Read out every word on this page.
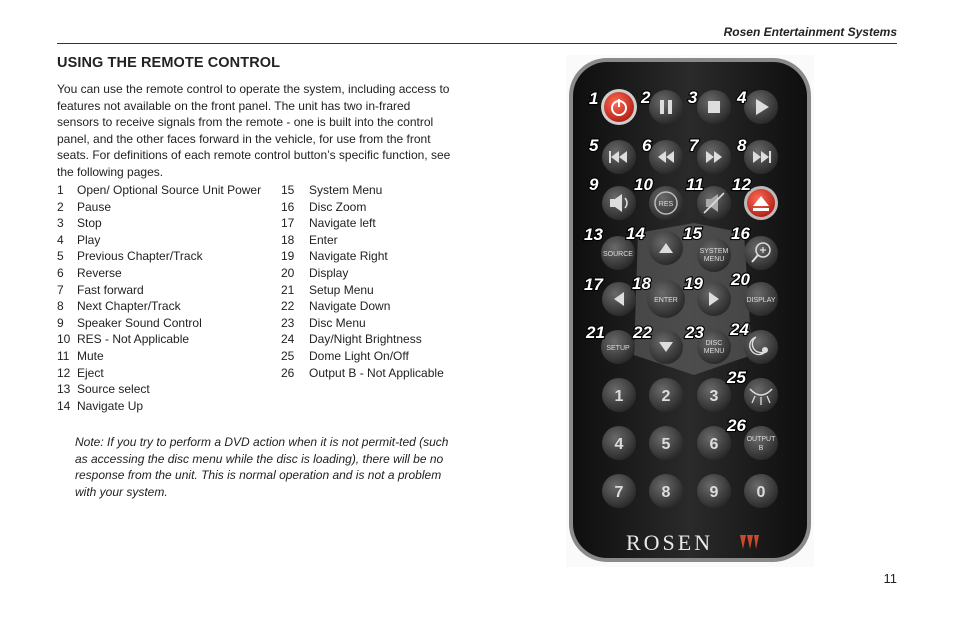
Rosen Entertainment Systems
USING THE REMOTE CONTROL
You can use the remote control to operate the system, including access to features not available on the front panel. The unit has two in-frared sensors to receive signals from the remote - one is built into the control panel, and the other faces forward in the vehicle, for use from the front seats. For definitions of each remote control button’s specific function, see the following pages.
1 Open/ Optional Source Unit Power
2 Pause
3 Stop
4 Play
5 Previous Chapter/Track
6 Reverse
7 Fast forward
8 Next Chapter/Track
9 Speaker Sound Control
10 RES - Not Applicable
11 Mute
12 Eject
13 Source select
14 Navigate Up
15 System Menu
16 Disc Zoom
17 Navigate left
18 Enter
19 Navigate Right
20 Display
21 Setup Menu
22 Navigate Down
23 Disc Menu
24 Day/Night Brightness
25 Dome Light On/Off
26 Output B - Not Applicable
Note: If you try to perform a DVD action when it is not permit-ted (such as accessing the disc menu while the disc is loading), there will be no response from the unit. This is normal operation and is not a problem with your system.
11
RES
SOURCE	SYSTEM
MENU
ENTER	DISPLAY
SETUP
DISC
MENU
1 2 3
4 5 6	OUTPUT
B
7 8 9 0
ROSEN
1	2 3 4
5	6 7 8
9 10 11 12
13 14 15 16
17 18 19 20
21 22 23 24
25
26
